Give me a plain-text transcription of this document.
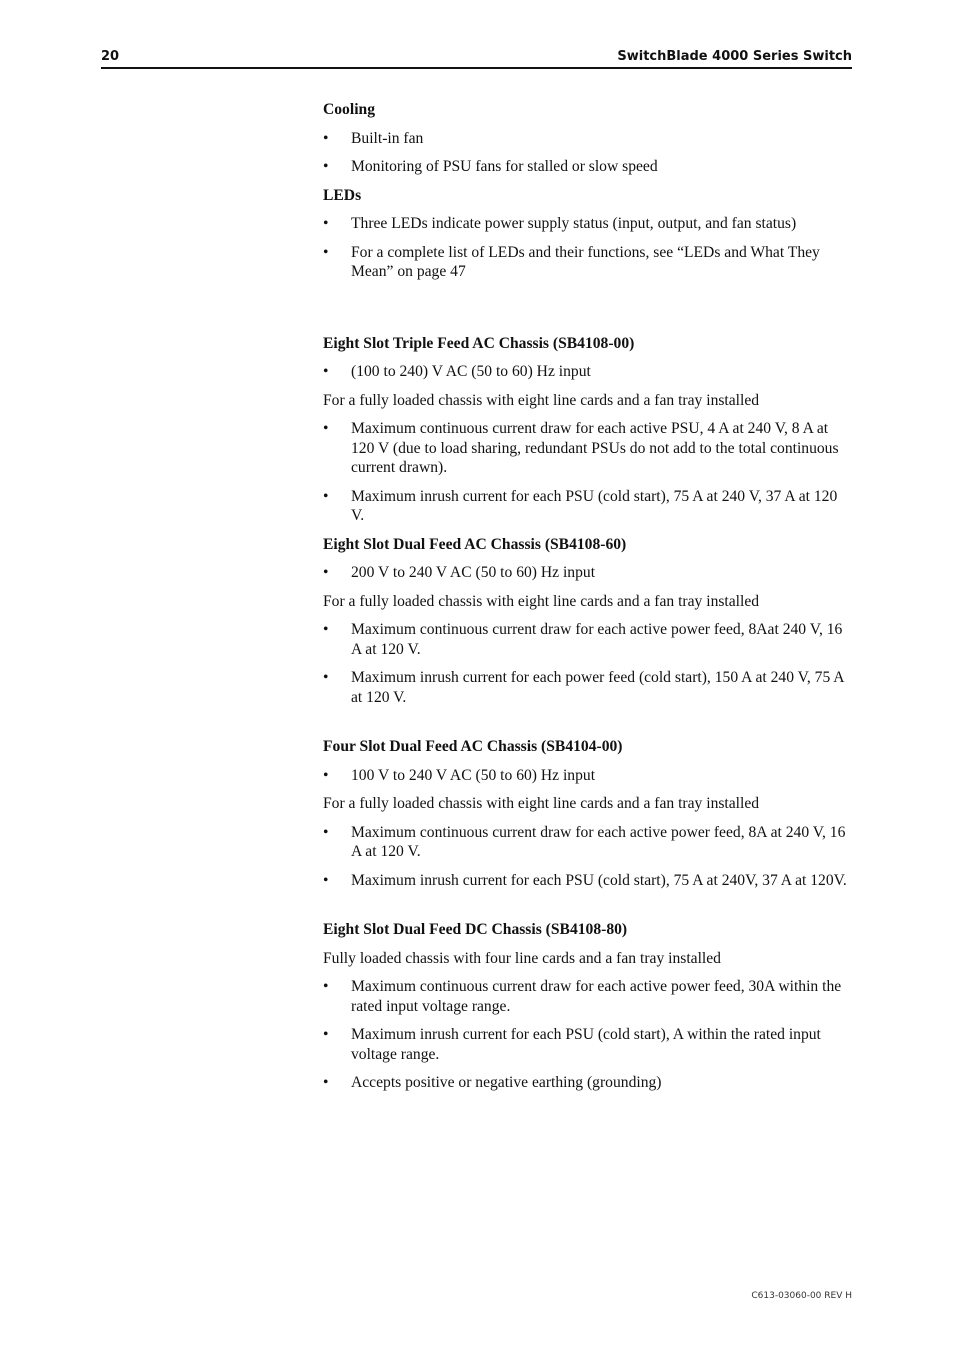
20	SwitchBlade 4000 Series Switch
Cooling
• Built-in fan
• Monitoring of PSU fans for stalled or slow speed
LEDs
• Three LEDs indicate power supply status (input, output, and fan status)
• For a complete list of LEDs and their functions, see “LEDs and What They Mean” on page 47
Eight Slot Triple Feed AC Chassis (SB4108-00)
• (100 to 240) V AC (50 to 60) Hz input
For a fully loaded chassis with eight line cards and a fan tray installed
• Maximum continuous current draw for each active PSU, 4 A at 240 V, 8 A at 120 V (due to load sharing, redundant PSUs do not add to the total continuous current drawn).
• Maximum inrush current for each PSU (cold start), 75 A at 240 V, 37 A at 120 V.
Eight Slot Dual Feed AC Chassis (SB4108-60)
• 200 V to 240 V AC (50 to 60) Hz input
For a fully loaded chassis with eight line cards and a fan tray installed
• Maximum continuous current draw for each active power feed, 8Aat 240 V, 16 A at 120 V.
• Maximum inrush current for each power feed (cold start), 150 A at 240 V, 75 A at 120 V.
Four Slot Dual Feed AC Chassis (SB4104-00)
• 100 V to 240 V AC (50 to 60) Hz input
For a fully loaded chassis with eight line cards and a fan tray installed
• Maximum continuous current draw for each active power feed, 8A at 240 V, 16 A at 120 V.
• Maximum inrush current for each PSU (cold start), 75 A at 240V, 37 A at 120V.
Eight Slot Dual Feed DC Chassis (SB4108-80)
Fully loaded chassis with four line cards and a fan tray installed
• Maximum continuous current draw for each active power feed, 30A within the rated input voltage range.
• Maximum inrush current for each PSU (cold start), A within the rated input voltage range.
• Accepts positive or negative earthing (grounding)
C613-03060-00 REV H
